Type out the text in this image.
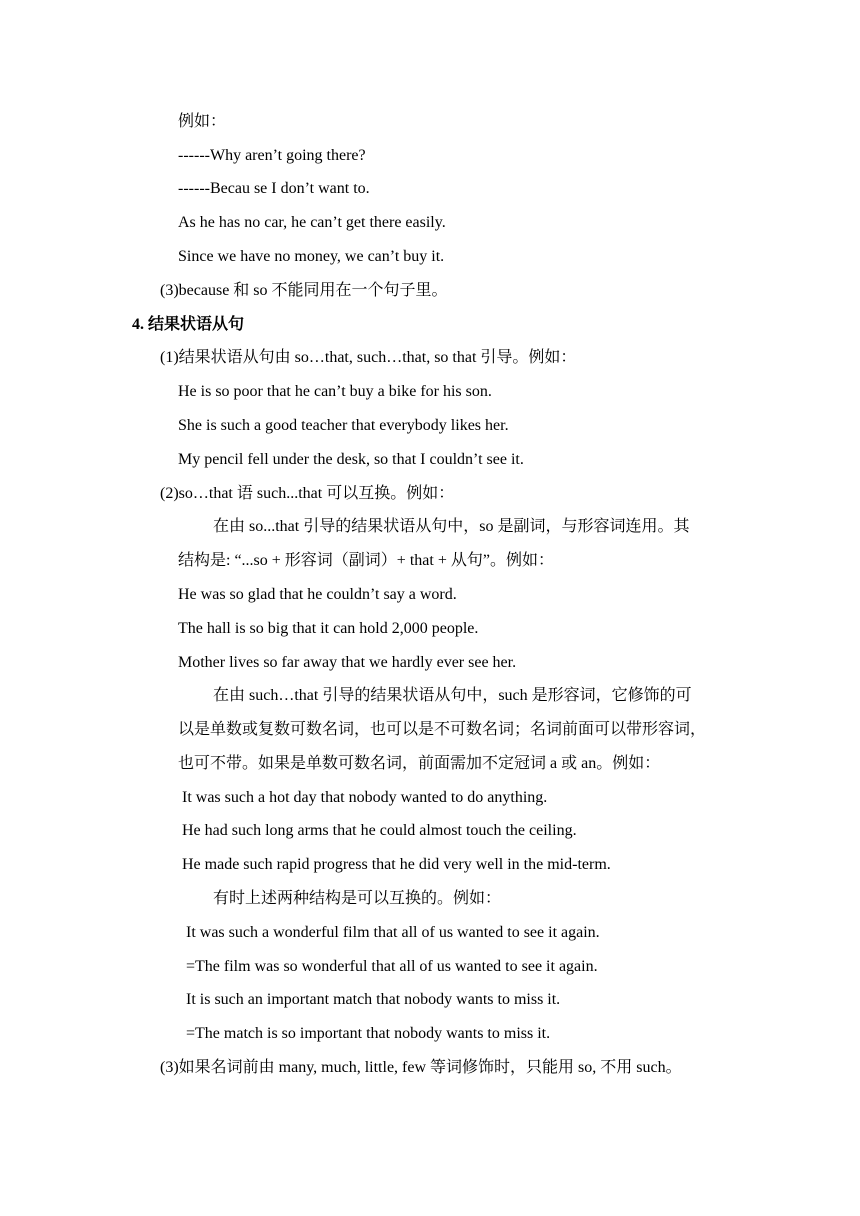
例如：
------Why aren’t going there?
------Becau se I don’t want to.
As he has no car, he can’t get there easily.
Since we have no money, we can’t buy it.
(3)because 和 so 不能同用在一个句子里。
4. 结果状语从句
(1)结果状语从句由 so…that, such…that, so that 引导。例如：
He is so poor that he can’t buy a bike for his son.
She is such a good teacher that everybody likes her.
My pencil fell under the desk, so that I couldn’t see it.
(2)so…that 语 such...that 可以互换。例如：
在由 so...that 引导的结果状语从句中，so 是副词，与形容词连用。其
结构是: “...so + 形容词（副词）+ that + 从句”。例如：
He was so glad that he couldn’t say a word.
The hall is so big that it can hold 2,000 people.
Mother lives so far away that we hardly ever see her.
在由 such…that 引导的结果状语从句中，such 是形容词，它修饰的可
以是单数或复数可数名词，也可以是不可数名词；名词前面可以带形容词，
也可不带。如果是单数可数名词，前面需加不定冠词 a 或 an。例如：
It was such a hot day that nobody wanted to do anything.
He had such long arms that he could almost touch the ceiling.
He made such rapid progress that he did very well in the mid-term.
有时上述两种结构是可以互换的。例如：
It was such a wonderful film that all of us wanted to see it again.
=The film was so wonderful that all of us wanted to see it again.
It is such an important match that nobody wants to miss it.
=The match is so important that nobody wants to miss it.
(3)如果名词前由 many, much, little, few 等词修饰时，只能用 so, 不用 such。
